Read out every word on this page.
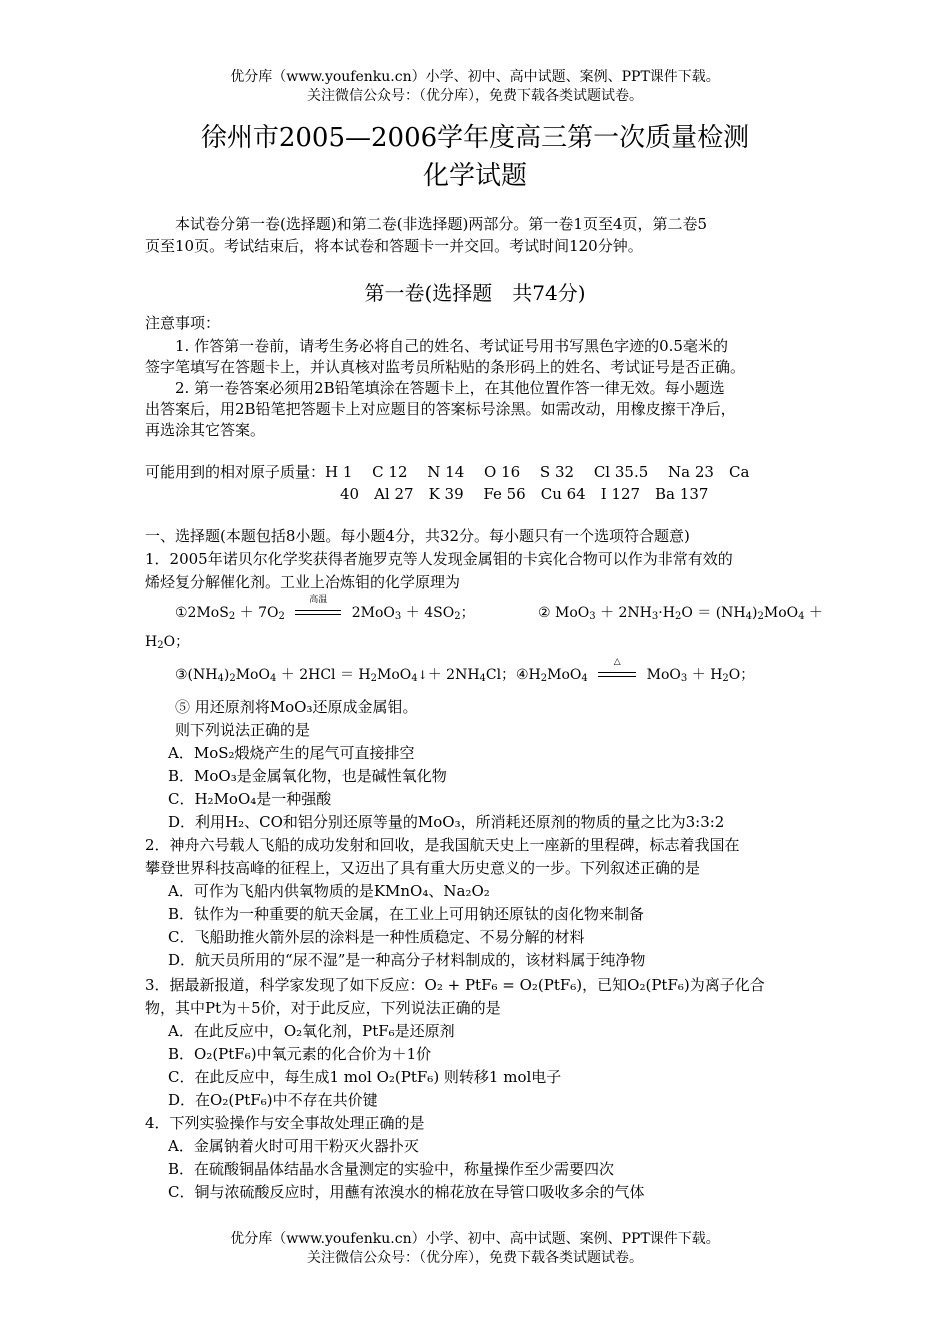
优分库（www.youfenku.cn）小学、初中、高中试题、案例、PPT课件下载。
关注微信公众号：（优分库），免费下载各类试题试卷。
徐州市2005—2006学年度高三第一次质量检测
化学试题
本试卷分第一卷(选择题)和第二卷(非选择题)两部分。第一卷1页至4页，第二卷5
页至10页。考试结束后，将本试卷和答题卡一并交回。考试时间120分钟。
第一卷(选择题　共74分)
注意事项：
1. 作答第一卷前，请考生务必将自己的姓名、考试证号用书写黑色字迹的0.5毫米的
签字笔填写在答题卡上，并认真核对监考员所粘贴的条形码上的姓名、考试证号是否正确。
2. 第一卷答案必须用2B铅笔填涂在答题卡上，在其他位置作答一律无效。每小题选
出答案后，用2B铅笔把答题卡上对应题目的答案标号涂黑。如需改动，用橡皮擦干净后，
再选涂其它答案。
可能用到的相对原子质量：H 1　 C 12　 N 14　 O 16　 S 32　 Cl 35.5　 Na 23　Ca
40　Al 27　K 39　 Fe 56　Cu 64　I 127　Ba 137
一、选择题(本题包括8小题。每小题4分，共32分。每小题只有一个选项符合题意)
1．2005年诺贝尔化学奖获得者施罗克等人发现金属钼的卡宾化合物可以作为非常有效的
烯烃复分解催化剂。工业上冶炼钼的化学原理为
①2MoS$_2$ ＋ $7O_2$
高温
$2MoO_3 + 4SO_2$；	② $MoO_3 + 2NH_3\cdot H_2O = (NH_4)_2MoO_4$ ＋
$H_2O$；
$③(NH_4)_2MoO_4 + 2HCl$ ＝ $H_2MoO_4↓+ 2NH_4Cl$； $④H_2MoO_4$
△
$MoO_3 + H_2O$；
⑤ 用还原剂将MoO₃还原成金属钼。
则下列说法正确的是
A．MoS₂煅烧产生的尾气可直接排空
B．MoO₃是金属氧化物，也是碱性氧化物
C．H₂MoO₄是一种强酸
D．利用H₂、CO和铝分别还原等量的MoO₃，所消耗还原剂的物质的量之比为3:3:2
2．神舟六号载人飞船的成功发射和回收，是我国航天史上一座新的里程碑，标志着我国在
攀登世界科技高峰的征程上，又迈出了具有重大历史意义的一步。下列叙述正确的是
A．可作为飞船内供氧物质的是KMnO₄、Na₂O₂
B．钛作为一种重要的航天金属，在工业上可用钠还原钛的卤化物来制备
C．飞船助推火箭外层的涂料是一种性质稳定、不易分解的材料
D．航天员所用的“尿不湿”是一种高分子材料制成的，该材料属于纯净物
3．据最新报道，科学家发现了如下反应：O₂ + PtF₆ = O₂(PtF₆)，已知O₂(PtF₆)为离子化合
物，其中Pt为＋5价，对于此反应，下列说法正确的是
A．在此反应中，O₂氧化剂，PtF₆是还原剂
B．O₂(PtF₆)中氧元素的化合价为＋1价
C．在此反应中，每生成1 mol O₂(PtF₆) 则转移1 mol电子
D．在O₂(PtF₆)中不存在共价键
4．下列实验操作与安全事故处理正确的是
A．金属钠着火时可用干粉灭火器扑灭
B．在硫酸铜晶体结晶水含量测定的实验中，称量操作至少需要四次
C．铜与浓硫酸反应时，用蘸有浓溴水的棉花放在导管口吸收多余的气体
优分库（www.youfenku.cn）小学、初中、高中试题、案例、PPT课件下载。
关注微信公众号：（优分库），免费下载各类试题试卷。
